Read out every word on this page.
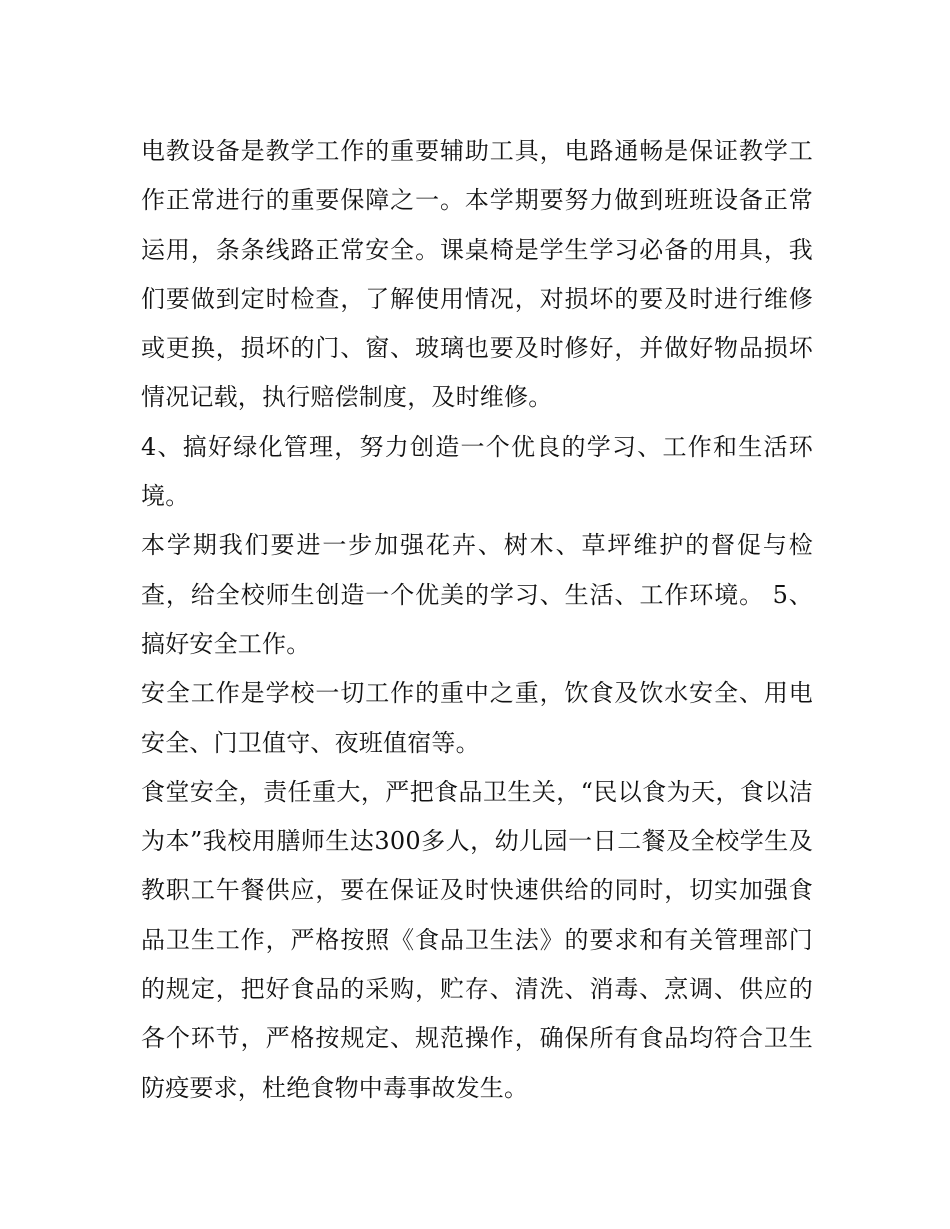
电教设备是教学工作的重要辅助工具，电路通畅是保证教学工作正常进行的重要保障之一。本学期要努力做到班班设备正常运用，条条线路正常安全。课桌椅是学生学习必备的用具，我们要做到定时检查，了解使用情况，对损坏的要及时进行维修或更换，损坏的门、窗、玻璃也要及时修好，并做好物品损坏情况记载，执行赔偿制度，及时维修。

4、搞好绿化管理，努力创造一个优良的学习、工作和生活环境。

本学期我们要进一步加强花卉、树木、草坪维护的督促与检查，给全校师生创造一个优美的学习、生活、工作环境。 5、搞好安全工作。

安全工作是学校一切工作的重中之重，饮食及饮水安全、用电安全、门卫值守、夜班值宿等。

食堂安全，责任重大，严把食品卫生关，“民以食为天，食以洁为本”我校用膳师生达300多人，幼儿园一日二餐及全校学生及教职工午餐供应，要在保证及时快速供给的同时，切实加强食品卫生工作，严格按照《食品卫生法》的要求和有关管理部门的规定，把好食品的采购，贮存、清洗、消毒、烹调、供应的各个环节，严格按规定、规范操作，确保所有食品均符合卫生防疫要求，杜绝食物中毒事故发生。
